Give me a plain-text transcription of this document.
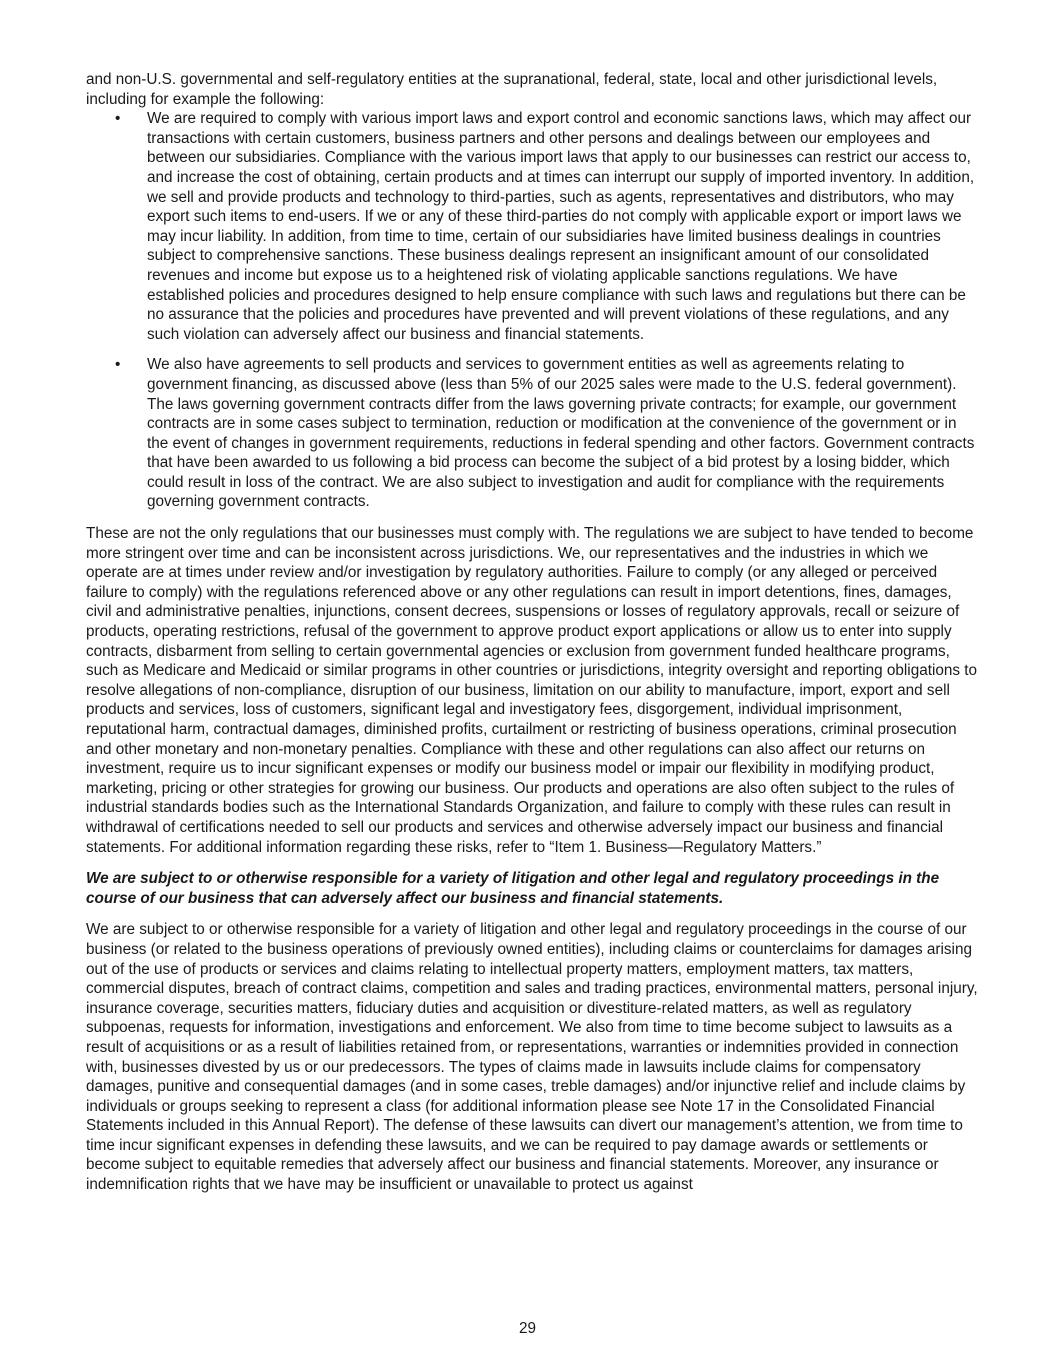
and non-U.S. governmental and self-regulatory entities at the supranational, federal, state, local and other jurisdictional levels, including for example the following:

• We are required to comply with various import laws and export control and economic sanctions laws, which may affect our transactions with certain customers, business partners and other persons and dealings between our employees and between our subsidiaries. Compliance with the various import laws that apply to our businesses can restrict our access to, and increase the cost of obtaining, certain products and at times can interrupt our supply of imported inventory. In addition, we sell and provide products and technology to third-parties, such as agents, representatives and distributors, who may export such items to end-users. If we or any of these third-parties do not comply with applicable export or import laws we may incur liability. In addition, from time to time, certain of our subsidiaries have limited business dealings in countries subject to comprehensive sanctions. These business dealings represent an insignificant amount of our consolidated revenues and income but expose us to a heightened risk of violating applicable sanctions regulations. We have established policies and procedures designed to help ensure compliance with such laws and regulations but there can be no assurance that the policies and procedures have prevented and will prevent violations of these regulations, and any such violation can adversely affect our business and financial statements.
• We also have agreements to sell products and services to government entities as well as agreements relating to government financing, as discussed above (less than 5% of our 2025 sales were made to the U.S. federal government). The laws governing government contracts differ from the laws governing private contracts; for example, our government contracts are in some cases subject to termination, reduction or modification at the convenience of the government or in the event of changes in government requirements, reductions in federal spending and other factors. Government contracts that have been awarded to us following a bid process can become the subject of a bid protest by a losing bidder, which could result in loss of the contract. We are also subject to investigation and audit for compliance with the requirements governing government contracts.

These are not the only regulations that our businesses must comply with. The regulations we are subject to have tended to become more stringent over time and can be inconsistent across jurisdictions. We, our representatives and the industries in which we operate are at times under review and/or investigation by regulatory authorities. Failure to comply (or any alleged or perceived failure to comply) with the regulations referenced above or any other regulations can result in import detentions, fines, damages, civil and administrative penalties, injunctions, consent decrees, suspensions or losses of regulatory approvals, recall or seizure of products, operating restrictions, refusal of the government to approve product export applications or allow us to enter into supply contracts, disbarment from selling to certain governmental agencies or exclusion from government funded healthcare programs, such as Medicare and Medicaid or similar programs in other countries or jurisdictions, integrity oversight and reporting obligations to resolve allegations of non-compliance, disruption of our business, limitation on our ability to manufacture, import, export and sell products and services, loss of customers, significant legal and investigatory fees, disgorgement, individual imprisonment, reputational harm, contractual damages, diminished profits, curtailment or restricting of business operations, criminal prosecution and other monetary and non-monetary penalties. Compliance with these and other regulations can also affect our returns on investment, require us to incur significant expenses or modify our business model or impair our flexibility in modifying product, marketing, pricing or other strategies for growing our business. Our products and operations are also often subject to the rules of industrial standards bodies such as the International Standards Organization, and failure to comply with these rules can result in withdrawal of certifications needed to sell our products and services and otherwise adversely impact our business and financial statements. For additional information regarding these risks, refer to “Item 1. Business—Regulatory Matters.”

We are subject to or otherwise responsible for a variety of litigation and other legal and regulatory proceedings in the course of our business that can adversely affect our business and financial statements.

We are subject to or otherwise responsible for a variety of litigation and other legal and regulatory proceedings in the course of our business (or related to the business operations of previously owned entities), including claims or counterclaims for damages arising out of the use of products or services and claims relating to intellectual property matters, employment matters, tax matters, commercial disputes, breach of contract claims, competition and sales and trading practices, environmental matters, personal injury, insurance coverage, securities matters, fiduciary duties and acquisition or divestiture-related matters, as well as regulatory subpoenas, requests for information, investigations and enforcement. We also from time to time become subject to lawsuits as a result of acquisitions or as a result of liabilities retained from, or representations, warranties or indemnities provided in connection with, businesses divested by us or our predecessors. The types of claims made in lawsuits include claims for compensatory damages, punitive and consequential damages (and in some cases, treble damages) and/or injunctive relief and include claims by individuals or groups seeking to represent a class (for additional information please see Note 17 in the Consolidated Financial Statements included in this Annual Report). The defense of these lawsuits can divert our management’s attention, we from time to time incur significant expenses in defending these lawsuits, and we can be required to pay damage awards or settlements or become subject to equitable remedies that adversely affect our business and financial statements. Moreover, any insurance or indemnification rights that we have may be insufficient or unavailable to protect us against

29
